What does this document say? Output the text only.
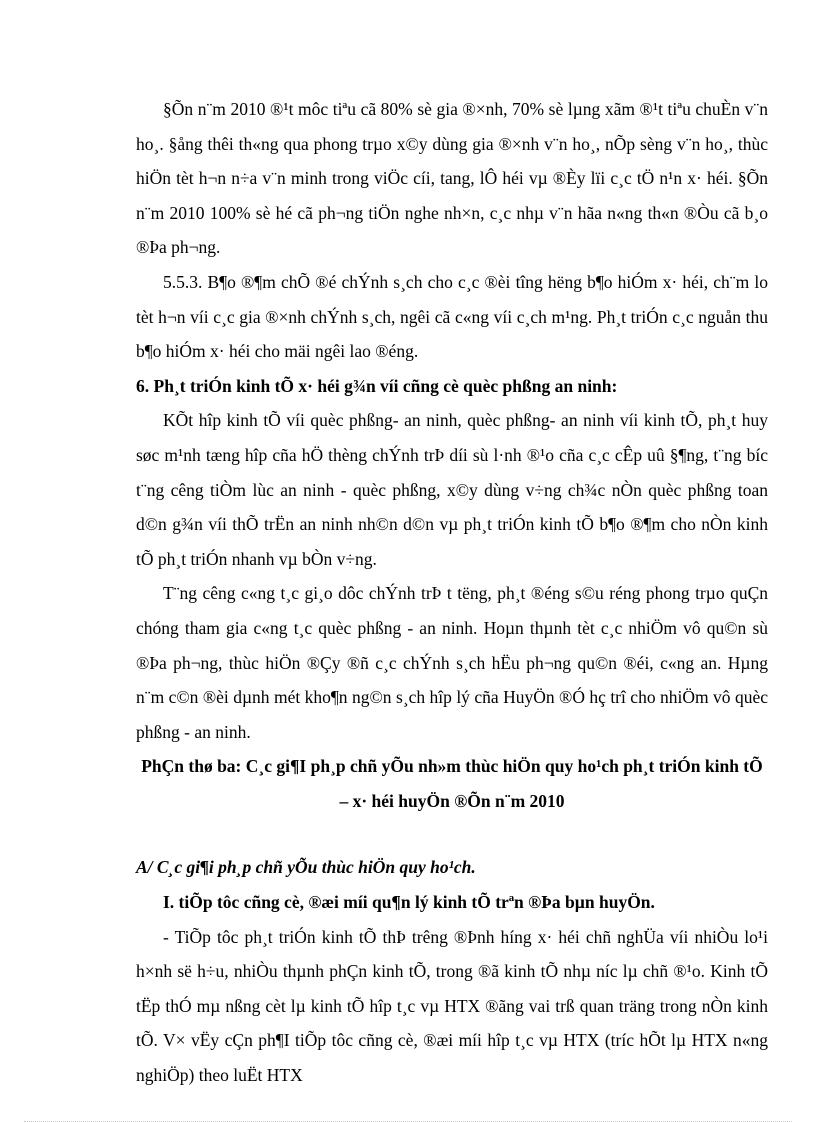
§Õn n¨m 2010 ®¹t môc tiªu cã 80% sè gia ®×nh, 70% sè lµng xãm ®¹t tiªu chuÈn v¨n ho¸. §ång thêi th«ng qua phong trµo x©y dùng gia ®×nh v¨n ho¸, nÕp sèng v¨n ho¸, thùc hiÖn tèt h¬n n÷a v¨n minh trong viÖc cíi, tang, lÔ héi vµ ®Èy lïi c¸c tÖ n¹n x· héi. §Õn n¨m 2010 100% sè hé cã ph¬ng tiÖn nghe nh×n, c¸c nhµ v¨n hãa n«ng th«n ®Òu cã b¸o ®Þa ph¬ng.

5.5.3. B¶o ®¶m chÕ ®é chÝnh s¸ch cho c¸c ®èi tîng hëng b¶o hiÓm x· héi, ch¨m lo tèt h¬n víi c¸c gia ®×nh chÝnh s¸ch, ngêi cã c«ng víi c¸ch m¹ng. Ph¸t triÓn c¸c nguån thu b¶o hiÓm x· héi cho mäi ngêi lao ®éng.

6. Ph¸t triÓn kinh tÕ x· héi g¾n víi cñng cè quèc phßng an ninh:

KÕt hîp kinh tÕ víi quèc phßng- an ninh, quèc phßng- an ninh víi kinh tÕ, ph¸t huy søc m¹nh tæng hîp cña hÖ thèng chÝnh trÞ díi sù l·nh ®¹o cña c¸c cÊp uû §¶ng, t¨ng bíc t¨ng cêng tiÒm lùc an ninh - quèc phßng, x©y dùng v÷ng ch¾c nÒn quèc phßng toan d©n g¾n víi thÕ trËn an ninh nh©n d©n vµ ph¸t triÓn kinh tÕ b¶o ®¶m cho nÒn kinh tÕ ph¸t triÓn nhanh vµ bÒn v÷ng.

T¨ng cêng c«ng t¸c gi¸o dôc chÝnh trÞ t tëng, ph¸t ®éng s©u réng phong trµo quÇn chóng tham gia c«ng t¸c quèc phßng - an ninh. Hoµn thµnh tèt c¸c nhiÖm vô qu©n sù ®Þa ph¬ng, thùc hiÖn ®Çy ®ñ c¸c chÝnh s¸ch hËu ph¬ng qu©n ®éi, c«ng an. Hµng n¨m c©n ®èi dµnh mét kho¶n ng©n s¸ch hîp lý cña HuyÖn ®Ó hç trî cho nhiÖm vô quèc phßng - an ninh.

PhÇn thø ba: C¸c gi¶I ph¸p chñ yÕu nh»m thùc hiÖn quy ho¹ch ph¸t triÓn kinh tÕ – x· héi huyÖn ®Õn n¨m 2010

A/ C¸c gi¶i ph¸p chñ yÕu thùc hiÖn quy ho¹ch.

I. tiÕp tôc cñng cè, ®æi míi qu¶n lý kinh tÕ trªn ®Þa bµn huyÖn.

- TiÕp tôc ph¸t triÓn kinh tÕ thÞ trêng ®Þnh híng x· héi chñ nghÜa víi nhiÒu lo¹i h×nh së h÷u, nhiÒu thµnh phÇn kinh tÕ, trong ®ã kinh tÕ nhµ níc lµ chñ ®¹o. Kinh tÕ tËp thÓ mµ nßng cèt lµ kinh tÕ hîp t¸c vµ HTX ®ãng vai trß quan träng trong nÒn kinh tÕ. V× vËy cÇn ph¶I tiÕp tôc cñng cè, ®æi míi hîp t¸c vµ HTX (tríc hÕt lµ HTX n«ng nghiÖp) theo luËt HTX
